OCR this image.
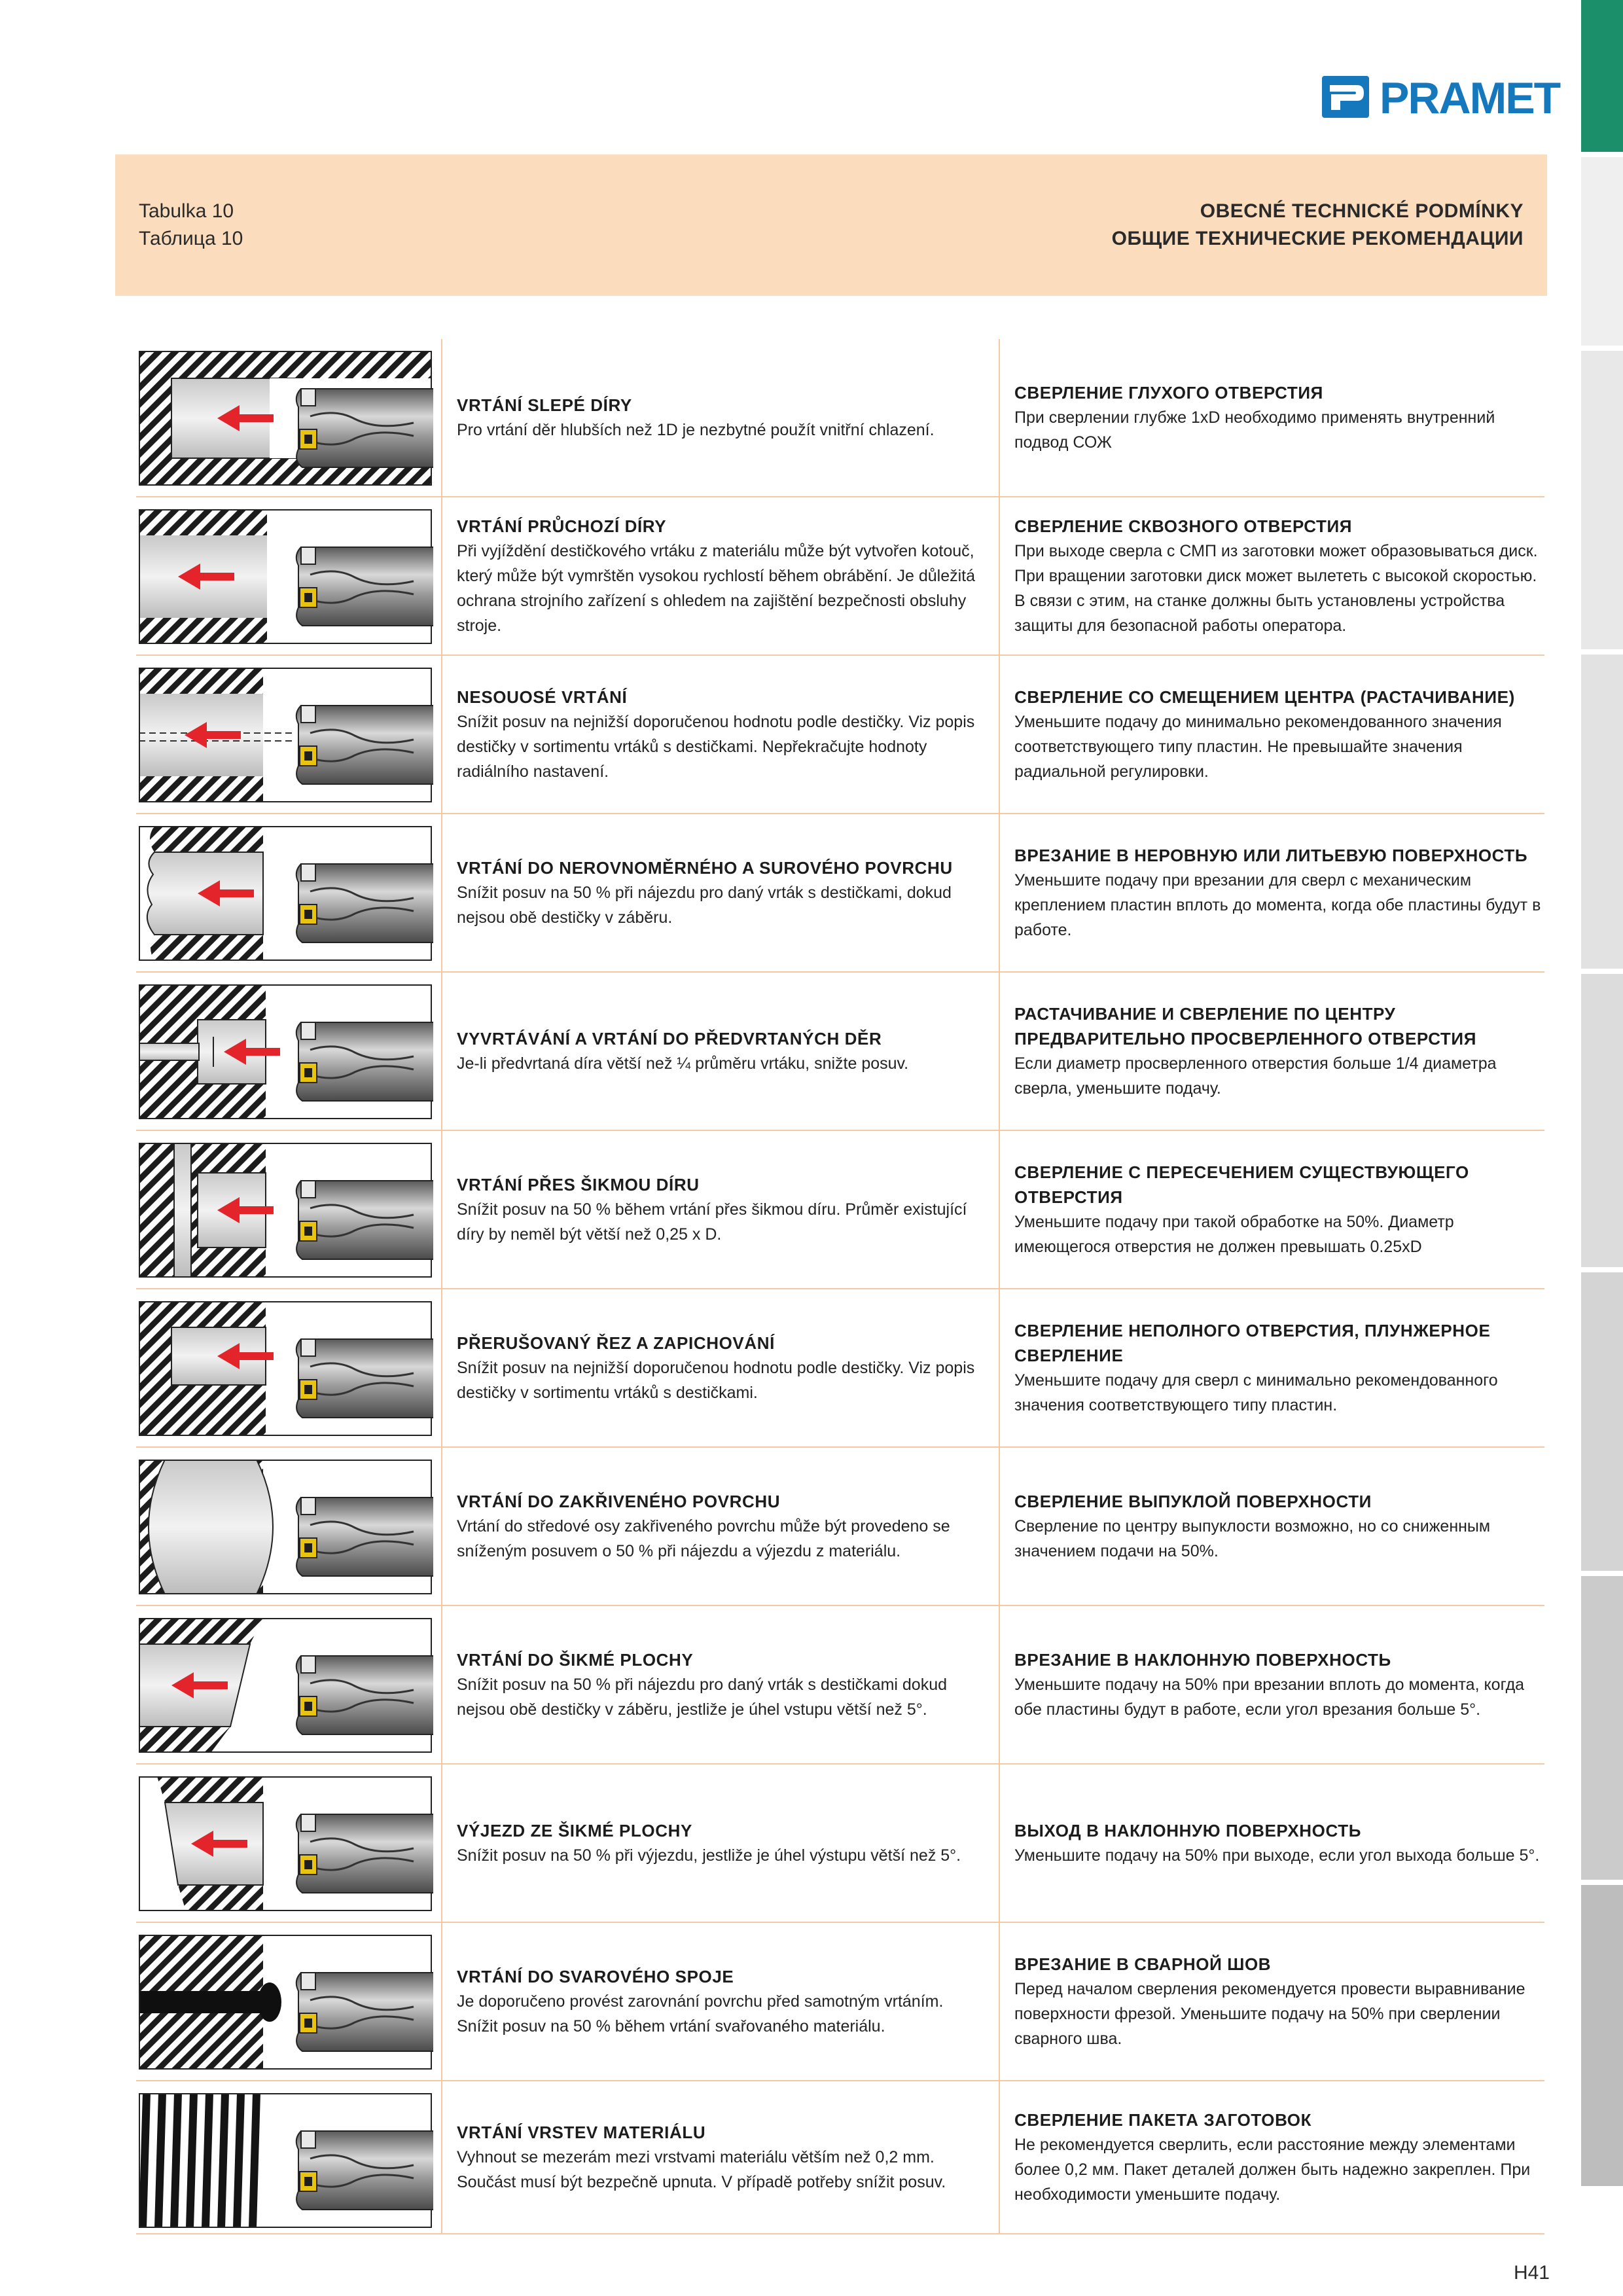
PRAMET
Tabulka 10
Таблица 10
OBECNÉ TECHNICKÉ PODMÍNKY
ОБЩИЕ ТЕХНИЧЕСКИЕ РЕКОМЕНДАЦИИ
VRTÁNÍ SLEPÉ DÍRY
Pro vrtání děr hlubších než 1D je nezbytné použít vnitřní chlazení.
СВЕРЛЕНИЕ ГЛУХОГО ОТВЕРСТИЯ
При сверлении глубже 1xD необходимо применять внутренний подвод СОЖ
VRTÁNÍ PRŮCHOZÍ DÍRY
Při vyjíždění destičkového vrtáku z materiálu může být vytvořen kotouč, který může být vymrštěn vysokou rychlostí během obrábění. Je důležitá ochrana strojního zařízení s ohledem na zajištění bezpečnosti obsluhy stroje.
СВЕРЛЕНИЕ СКВОЗНОГО ОТВЕРСТИЯ
При выходе сверла с СМП из заготовки может образовываться диск. При вращении заготовки диск может вылететь с высокой скоростью. В связи с этим, на станке должны быть установлены устройства защиты для безопасной работы оператора.
NESOUOSÉ VRTÁNÍ
Snížit posuv na nejnižší doporučenou hodnotu podle destičky. Viz popis destičky v sortimentu vrtáků s destičkami. Nepřekračujte hodnoty radiálního nastavení.
СВЕРЛЕНИЕ СО СМЕЩЕНИЕМ ЦЕНТРА (РАСТАЧИВАНИЕ)
Уменьшите подачу до минимально рекомендованного значения соответствующего типу пластин. Не превышайте значения радиальной регулировки.
VRTÁNÍ DO NEROVNOMĚRNÉHO A SUROVÉHO POVRCHU
Snížit posuv na 50 % při nájezdu pro daný vrták s destičkami, dokud nejsou obě destičky v záběru.
ВРЕЗАНИЕ В НЕРОВНУЮ ИЛИ ЛИТЬЕВУЮ ПОВЕРХНОСТЬ
Уменьшите подачу при врезании для сверл с механическим креплением пластин вплоть до момента, когда обе пластины будут в работе.
VYVRTÁVÁNÍ A VRTÁNÍ DO PŘEDVRTANÝCH DĚR
Je-li předvrtaná díra větší než ¼ průměru vrtáku, snižte posuv.
РАСТАЧИВАНИЕ И СВЕРЛЕНИЕ ПО ЦЕНТРУ ПРЕДВАРИТЕЛЬНО ПРОСВЕРЛЕННОГО ОТВЕРСТИЯ
Если диаметр просверленного отверстия больше 1/4 диаметра сверла, уменьшите подачу.
VRTÁNÍ PŘES ŠIKMOU DÍRU
Snížit posuv na 50 % během vrtání přes šikmou díru. Průměr existující díry by neměl být větší než 0,25 x D.
СВЕРЛЕНИЕ С ПЕРЕСЕЧЕНИЕМ СУЩЕСТВУЮЩЕГО ОТВЕРСТИЯ
Уменьшите подачу при такой обработке на 50%. Диаметр имеющегося отверстия не должен превышать 0.25xD
PŘERUŠOVANÝ ŘEZ A ZAPICHOVÁNÍ
Snížit posuv na nejnižší doporučenou hodnotu podle destičky. Viz popis destičky v sortimentu vrtáků s destičkami.
СВЕРЛЕНИЕ НЕПОЛНОГО ОТВЕРСТИЯ, ПЛУНЖЕРНОЕ СВЕРЛЕНИЕ
Уменьшите подачу для сверл с минимально рекомендованного значения соответствующего типу пластин.
VRTÁNÍ DO ZAKŘIVENÉHO POVRCHU
Vrtání do středové osy zakřiveného povrchu může být provedeno se sníženým posuvem o 50 % při nájezdu a výjezdu z materiálu.
СВЕРЛЕНИЕ ВЫПУКЛОЙ ПОВЕРХНОСТИ
Сверление по центру выпуклости возможно, но со сниженным значением подачи на 50%.
VRTÁNÍ DO ŠIKMÉ PLOCHY
Snížit posuv na 50 % při nájezdu pro daný vrták s destičkami dokud nejsou obě destičky v záběru, jestliže je úhel vstupu větší než 5°.
ВРЕЗАНИЕ В НАКЛОННУЮ ПОВЕРХНОСТЬ
Уменьшите подачу на 50% при врезании вплоть до момента, когда обе пластины будут в работе, если угол врезания больше 5°.
VÝJEZD ZE ŠIKMÉ PLOCHY
Snížit posuv na 50 % při výjezdu, jestliže je úhel výstupu větší než 5°.
ВЫХОД В НАКЛОННУЮ ПОВЕРХНОСТЬ
Уменьшите подачу на 50% при выходе, если угол выхода больше 5°.
VRTÁNÍ DO SVAROVÉHO SPOJE
Je doporučeno provést zarovnání povrchu před samotným vrtáním. Snížit posuv na 50 % během vrtání svařovaného materiálu.
ВРЕЗАНИЕ В СВАРНОЙ ШОВ
Перед началом сверления рекомендуется провести выравнивание поверхности фрезой. Уменьшите подачу на 50% при сверлении сварного шва.
VRTÁNÍ VRSTEV MATERIÁLU
Vyhnout se mezerám mezi vrstvami materiálu větším než 0,2 mm. Součást musí být bezpečně upnuta. V případě potřeby snížit posuv.
СВЕРЛЕНИЕ ПАКЕТА ЗАГОТОВОК
Не рекомендуется сверлить, если расстояние между элементами более 0,2 мм. Пакет деталей должен быть надежно закреплен. При необходимости уменьшите подачу.
H41
